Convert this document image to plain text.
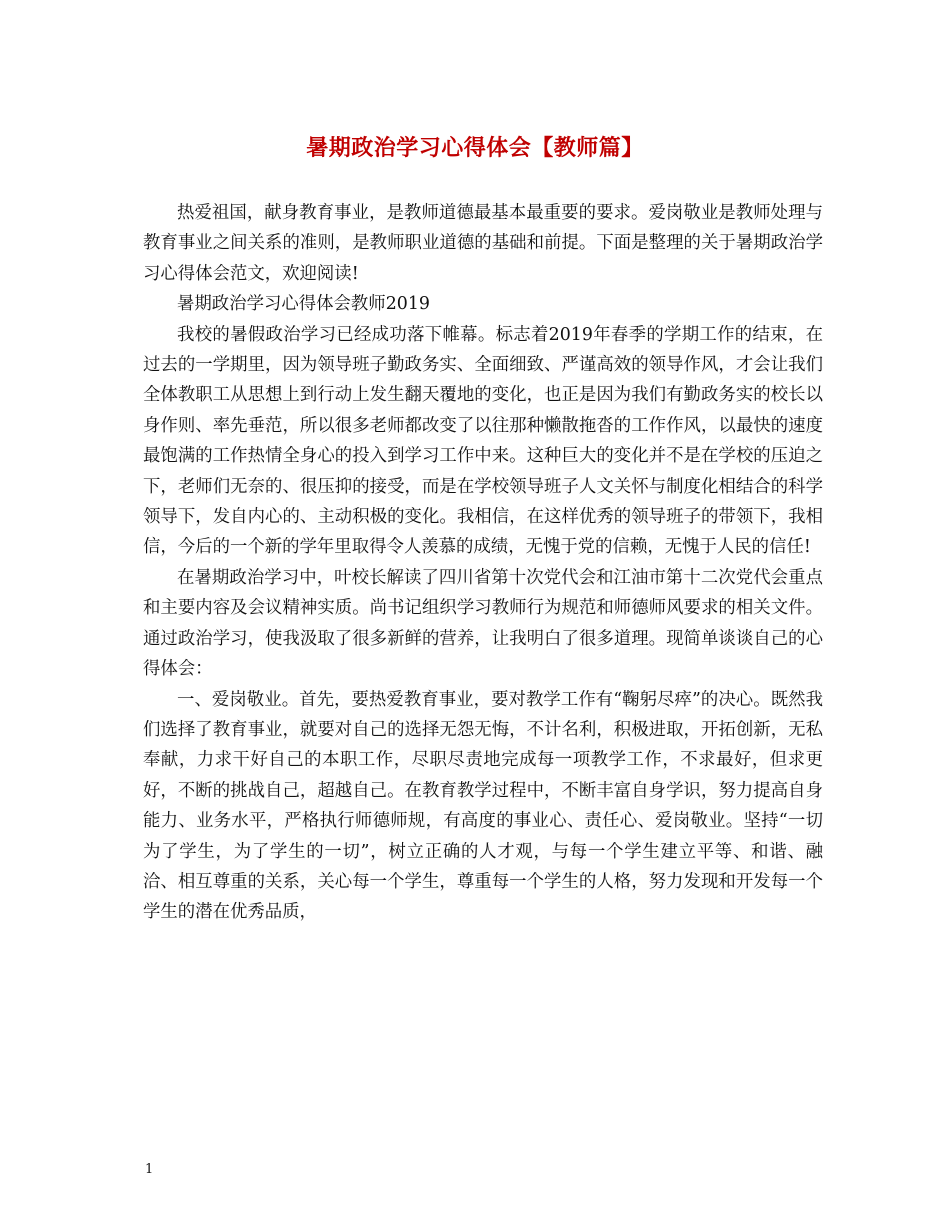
暑期政治学习心得体会【教师篇】

热爱祖国，献身教育事业，是教师道德最基本最重要的要求。爱岗敬业是教师处理与教育事业之间关系的准则，是教师职业道德的基础和前提。下面是整理的关于暑期政治学习心得体会范文，欢迎阅读!

暑期政治学习心得体会教师2019

我校的暑假政治学习已经成功落下帷幕。标志着2019年春季的学期工作的结束，在过去的一学期里，因为领导班子勤政务实、全面细致、严谨高效的领导作风，才会让我们全体教职工从思想上到行动上发生翻天覆地的变化，也正是因为我们有勤政务实的校长以身作则、率先垂范，所以很多老师都改变了以往那种懒散拖沓的工作作风，以最快的速度最饱满的工作热情全身心的投入到学习工作中来。这种巨大的变化并不是在学校的压迫之下，老师们无奈的、很压抑的接受，而是在学校领导班子人文关怀与制度化相结合的科学领导下，发自内心的、主动积极的变化。我相信，在这样优秀的领导班子的带领下，我相信，今后的一个新的学年里取得令人羡慕的成绩，无愧于党的信赖，无愧于人民的信任!

在暑期政治学习中，叶校长解读了四川省第十次党代会和江油市第十二次党代会重点和主要内容及会议精神实质。尚书记组织学习教师行为规范和师德师风要求的相关文件。通过政治学习，使我汲取了很多新鲜的营养，让我明白了很多道理。现简单谈谈自己的心得体会：

一、爱岗敬业。首先，要热爱教育事业，要对教学工作有“鞠躬尽瘁”的决心。既然我们选择了教育事业，就要对自己的选择无怨无悔，不计名利，积极进取，开拓创新，无私奉献，力求干好自己的本职工作，尽职尽责地完成每一项教学工作，不求最好，但求更好，不断的挑战自己，超越自己。在教育教学过程中，不断丰富自身学识，努力提高自身能力、业务水平，严格执行师德师规，有高度的事业心、责任心、爱岗敬业。坚持“一切为了学生，为了学生的一切”，树立正确的人才观，与每一个学生建立平等、和谐、融洽、相互尊重的关系，关心每一个学生，尊重每一个学生的人格，努力发现和开发每一个学生的潜在优秀品质，

1
